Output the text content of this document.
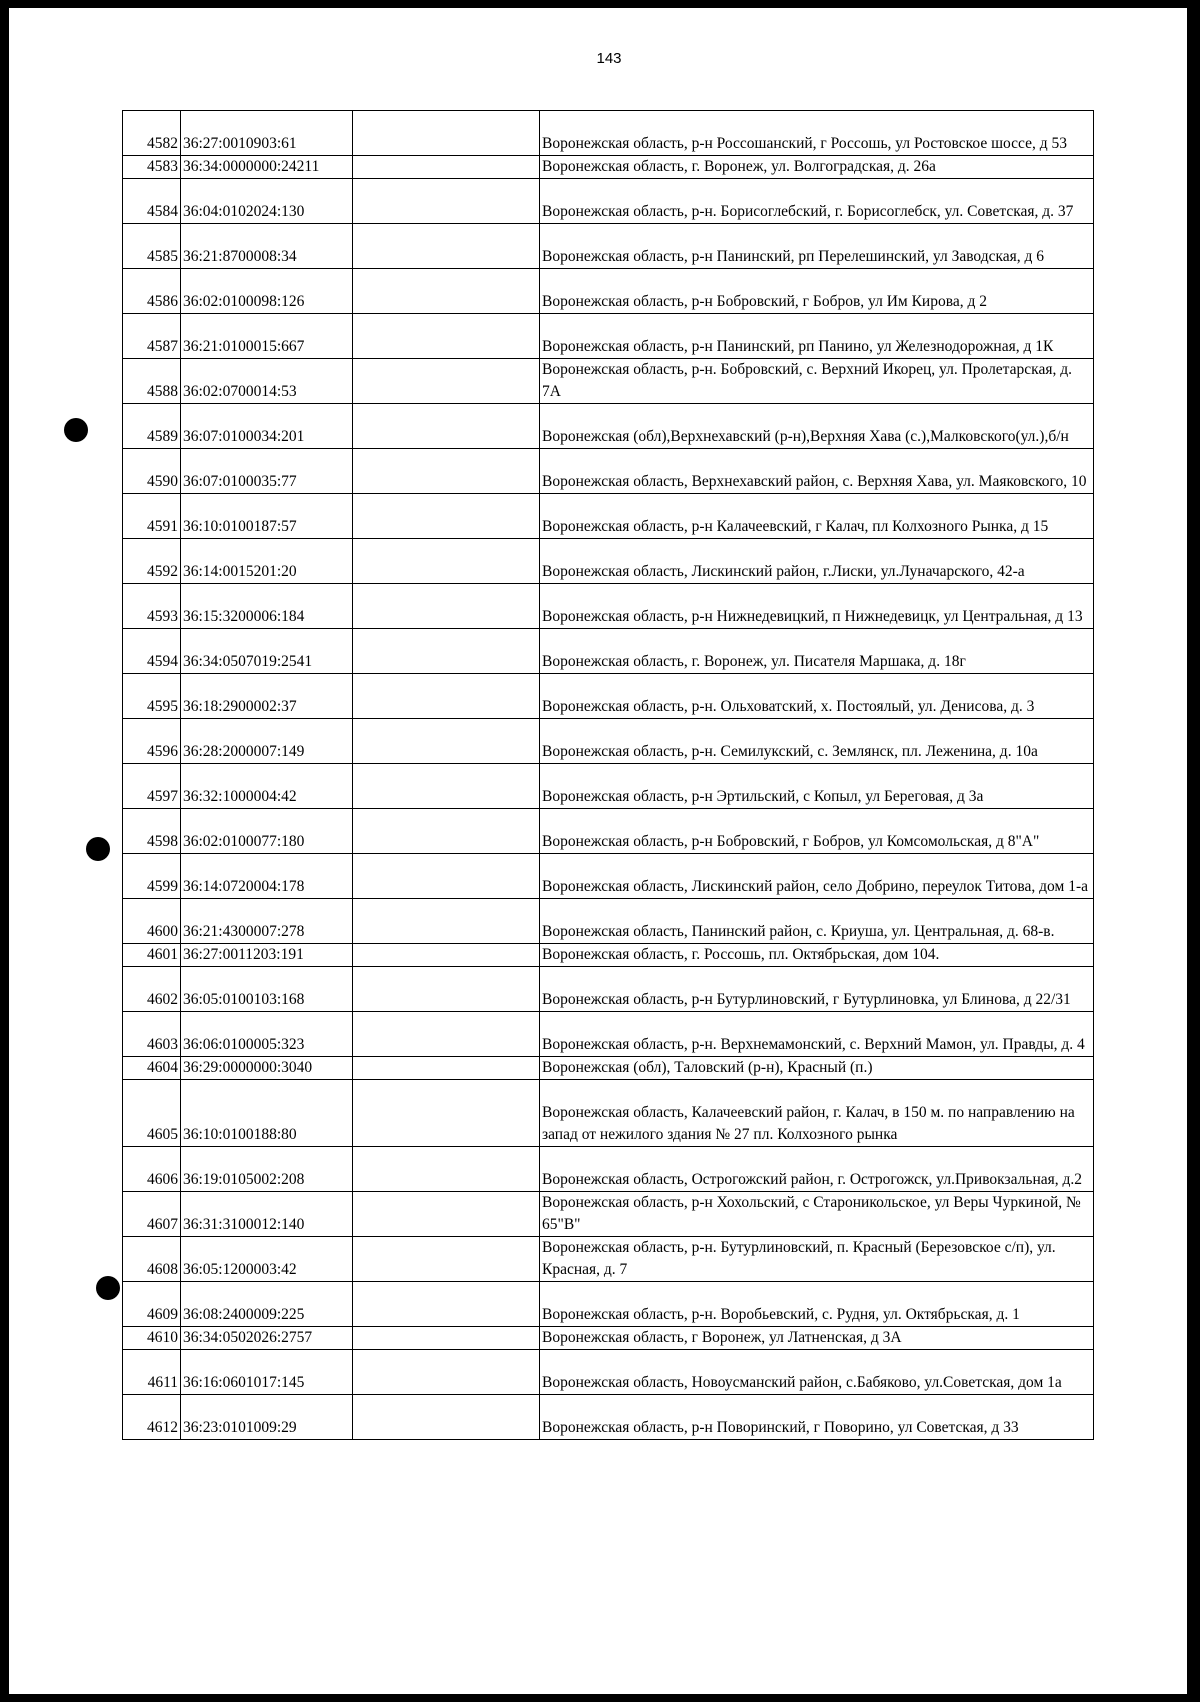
143
4582	36:27:0010903:61		Воронежская область, р-н Россошанский, г Россошь, ул Ростовское шоссе, д 53
4583	36:34:0000000:24211		Воронежская область, г. Воронеж, ул. Волгоградская, д. 26а
4584	36:04:0102024:130		Воронежская область, р-н. Борисоглебский, г. Борисоглебск, ул. Советская, д. 37
4585	36:21:8700008:34		Воронежская область, р-н Панинский, рп Перелешинский, ул Заводская, д 6
4586	36:02:0100098:126		Воронежская область, р-н Бобровский, г Бобров, ул Им Кирова, д 2
4587	36:21:0100015:667		Воронежская область, р-н Панинский, рп Панино, ул Железнодорожная, д 1К
4588	36:02:0700014:53		Воронежская область, р-н. Бобровский, с. Верхний Икорец, ул. Пролетарская, д. 7А
4589	36:07:0100034:201		Воронежская (обл),Верхнехавский (р-н),Верхняя Хава (с.),Малковского(ул.),б/н
4590	36:07:0100035:77		Воронежская область, Верхнехавский район, с. Верхняя Хава, ул. Маяковского, 10
4591	36:10:0100187:57		Воронежская область, р-н Калачеевский, г Калач, пл Колхозного Рынка, д 15
4592	36:14:0015201:20		Воронежская область, Лискинский район, г.Лиски, ул.Луначарского, 42-а
4593	36:15:3200006:184		Воронежская область, р-н Нижнедевицкий, п Нижнедевицк, ул Центральная, д 13
4594	36:34:0507019:2541		Воронежская область, г. Воронеж, ул. Писателя Маршака, д. 18г
4595	36:18:2900002:37		Воронежская область, р-н. Ольховатский, х. Постоялый, ул. Денисова, д. 3
4596	36:28:2000007:149		Воронежская область, р-н. Семилукский, с. Землянск, пл. Леженина, д. 10а
4597	36:32:1000004:42		Воронежская область, р-н Эртильский, с Копыл, ул Береговая, д 3а
4598	36:02:0100077:180		Воронежская область, р-н Бобровский, г Бобров, ул Комсомольская, д 8"А"
4599	36:14:0720004:178		Воронежская область, Лискинский район, село Добрино, переулок Титова, дом 1-а
4600	36:21:4300007:278		Воронежская область, Панинский район, с. Криуша, ул. Центральная, д. 68-в.
4601	36:27:0011203:191		Воронежская область, г. Россошь, пл. Октябрьская, дом 104.
4602	36:05:0100103:168		Воронежская область, р-н Бутурлиновский, г Бутурлиновка, ул Блинова, д 22/31
4603	36:06:0100005:323		Воронежская область, р-н. Верхнемамонский, с. Верхний Мамон, ул. Правды, д. 4
4604	36:29:0000000:3040		Воронежская (обл), Таловский (р-н), Красный (п.)
4605	36:10:0100188:80		Воронежская область, Калачеевский район, г. Калач, в 150 м. по направлению на запад от нежилого здания № 27 пл. Колхозного рынка
4606	36:19:0105002:208		Воронежская область, Острогожский район, г. Острогожск, ул.Привокзальная, д.2
4607	36:31:3100012:140		Воронежская область, р-н Хохольский, с Староникольское, ул Веры Чуркиной, № 65"В"
4608	36:05:1200003:42		Воронежская область, р-н. Бутурлиновский, п. Красный (Березовское с/п), ул. Красная, д. 7
4609	36:08:2400009:225		Воронежская область, р-н. Воробьевский, с. Рудня, ул. Октябрьская, д. 1
4610	36:34:0502026:2757		Воронежская область, г Воронеж, ул Латненская, д 3А
4611	36:16:0601017:145		Воронежская область, Новоусманский район, с.Бабяково, ул.Советская, дом 1а
4612	36:23:0101009:29		Воронежская область, р-н Поворинский, г Поворино, ул Советская, д 33
